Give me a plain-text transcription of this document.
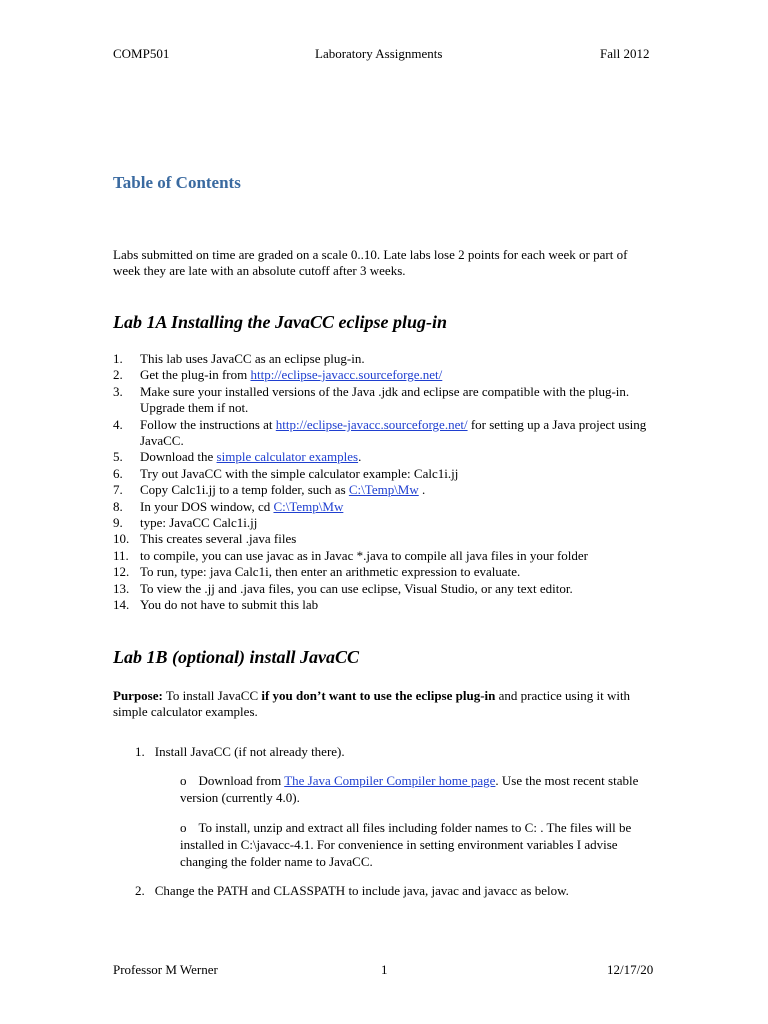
COMP501	Laboratory Assignments	Fall 2012
Table of Contents
Labs submitted on time are graded on a scale 0..10. Late labs lose 2 points for each week or part of week they are late with an absolute cutoff after 3 weeks.
Lab 1A Installing the JavaCC eclipse plug-in
1. This lab uses JavaCC as an eclipse plug-in.
2. Get the plug-in from http://eclipse-javacc.sourceforge.net/
3. Make sure your installed versions of the Java .jdk and eclipse are compatible with the plug-in. Upgrade them if not.
4. Follow the instructions at http://eclipse-javacc.sourceforge.net/ for setting up a Java project using JavaCC.
5. Download the simple calculator examples.
6. Try out JavaCC with the simple calculator example: Calc1i.jj
7. Copy Calc1i.jj to a temp folder, such as C:\Temp\Mw .
8. In your DOS window, cd C:\Temp\Mw
9. type: JavaCC Calc1i.jj
10. This creates several .java files
11. to compile, you can use javac as in Javac *.java to compile all java files in your folder
12. To run, type: java Calc1i, then enter an arithmetic expression to evaluate.
13. To view the .jj and .java files, you can use eclipse, Visual Studio, or any text editor.
14. You do not have to submit this lab
Lab 1B (optional) install JavaCC
Purpose: To install JavaCC if you don’t want to use the eclipse plug-in and practice using it with simple calculator examples.
1. Install JavaCC (if not already there).
o Download from The Java Compiler Compiler home page. Use the most recent stable version (currently 4.0).
o To install, unzip and extract all files including folder names to C: . The files will be installed in C:\javacc-4.1. For convenience in setting environment variables I advise changing the folder name to JavaCC.
2. Change the PATH and CLASSPATH to include java, javac and javacc as below.
Professor M Werner	1	12/17/20
